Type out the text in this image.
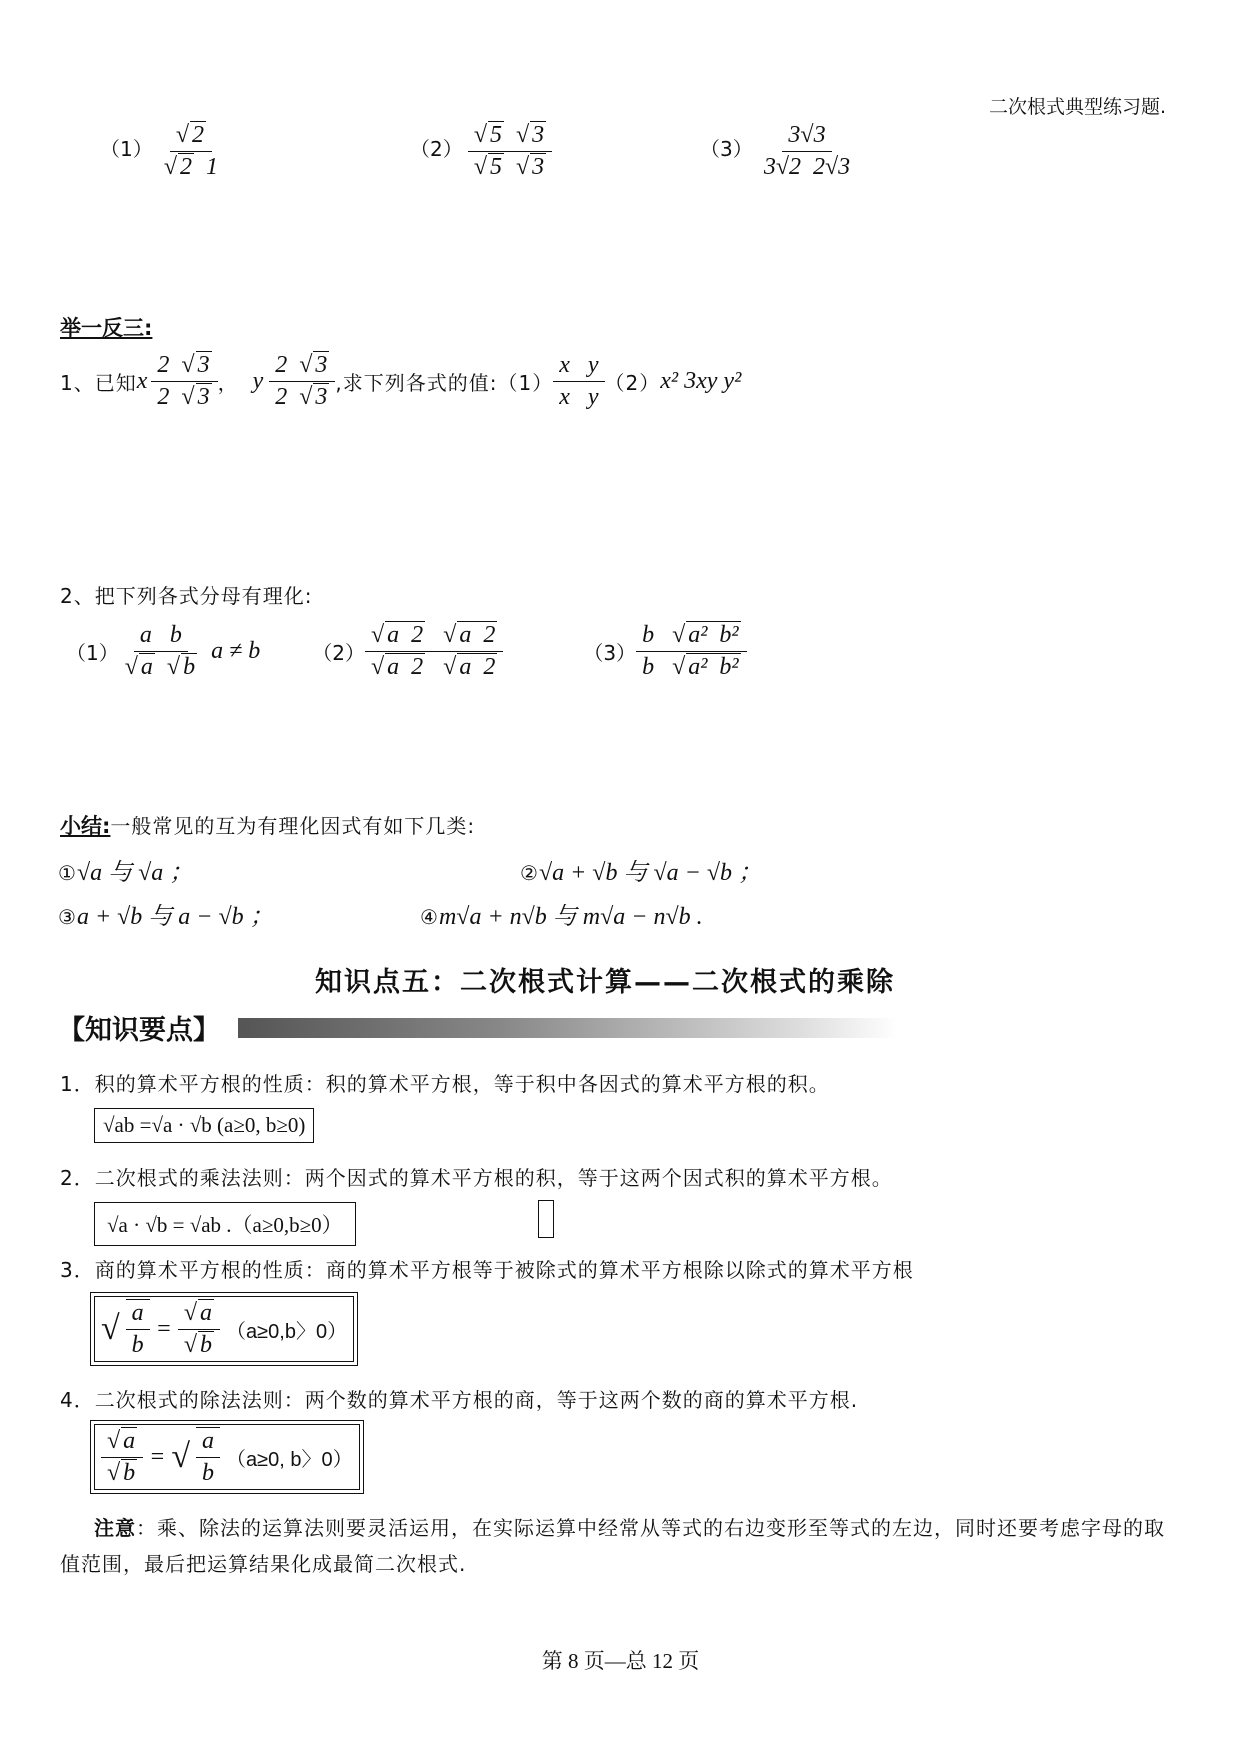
二次根式典型练习题.
$(1) \frac{√ 2}{√ 2 1}$	$(2) \frac{√ 5 √ 3}{√ 5 √ 3}$	$(3) \frac{3√3}{3√2 2√3}$
举一反三:
1、已知 x
$\frac{2 √ 3}{2 √ 3}$ ， y
$\frac{2 √ 3}{2 √ 3}$ ,求下列各式的值: $(1) \frac{\text{x   y}}{\text{x   y}} (2)$ x² 3xy y²
2、把下列各式分母有理化:
$(1) \frac{\text{a   b}}{√ a √ b}$ a ≠ b	$(2) \frac{√ a 2 √ a 2}{√ a 2 √ a 2}$	$(3) \frac{\text{b   √ a²  b²}}{\text{b   √ a²  b²}}$
小结:一般常见的互为有理化因式有如下几类:
①√a 与 √a ；	②√a + √b 与 √a − √b ；
③a + √b 与 a − √b ；	④m√a + n√b 与 m√a − n√b .
知识点五：二次根式计算——二次根式的乘除
【知识要点】
1．积的算术平方根的性质：积的算术平方根，等于积中各因式的算术平方根的积。
√ab =√a · √b (a≥0, b≥0)
2．二次根式的乘法法则：两个因式的算术平方根的积，等于这两个因式积的算术平方根。
√a · √b = √ab .（a≥0,b≥0）
3．商的算术平方根的性质：商的算术平方根等于被除式的算术平方根除以除式的算术平方根
√ $\frac{a}{b} = \frac{√ a}{√ b} (a\ge 0,b$〉0）
4．二次根式的除法法则：两个数的算术平方根的商，等于这两个数的商的算术平方根.
$\frac{√ a}{√ b}$ = √ $\frac{a}{b} (a\ge 0$, b〉0）
注意：乘、除法的运算法则要灵活运用，在实际运算中经常从等式的右边变形至等式的左边，同时还要考虑字母的取值范围，最后把运算结果化成最简二次根式.
第 8 页—总 12 页
